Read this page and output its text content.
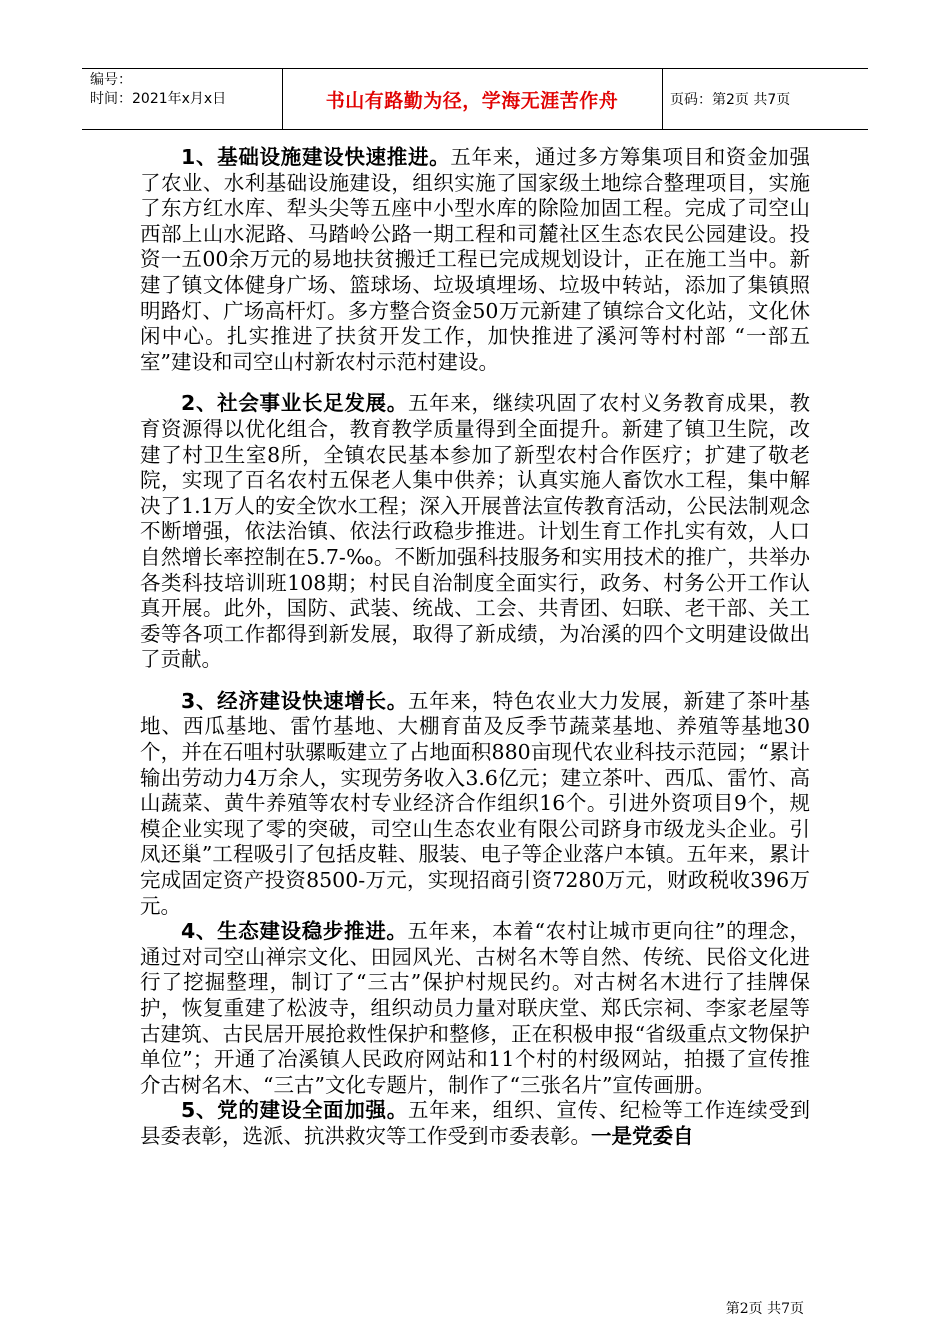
编号：
时间：2021年x月x日	书山有路勤为径，学海无涯苦作舟	页码：第2页 共7页

1、基础设施建设快速推进。五年来，通过多方筹集项目和资金加强了农业、水利基础设施建设，组织实施了国家级土地综合整理项目，实施了东方红水库、犁头尖等五座中小型水库的除险加固工程。完成了司空山西部上山水泥路、马踏岭公路一期工程和司麓社区生态农民公园建设。投资一五00余万元的易地扶贫搬迁工程已完成规划设计，正在施工当中。新建了镇文体健身广场、篮球场、垃圾填埋场、垃圾中转站，添加了集镇照明路灯、广场高杆灯。多方整合资金50万元新建了镇综合文化站，文化休闲中心。扎实推进了扶贫开发工作，加快推进了溪河等村村部 “一部五室”建设和司空山村新农村示范村建设。

2、社会事业长足发展。五年来，继续巩固了农村义务教育成果，教育资源得以优化组合，教育教学质量得到全面提升。新建了镇卫生院，改建了村卫生室8所，全镇农民基本参加了新型农村合作医疗；扩建了敬老院，实现了百名农村五保老人集中供养；认真实施人畜饮水工程，集中解决了1.1万人的安全饮水工程；深入开展普法宣传教育活动，公民法制观念不断增强，依法治镇、依法行政稳步推进。计划生育工作扎实有效，人口自然增长率控制在5.7-‰。不断加强科技服务和实用技术的推广，共举办各类科技培训班108期；村民自治制度全面实行，政务、村务公开工作认真开展。此外，国防、武装、统战、工会、共青团、妇联、老干部、关工委等各项工作都得到新发展，取得了新成绩，为冶溪的四个文明建设做出了贡献。

3、经济建设快速增长。五年来，特色农业大力发展，新建了茶叶基地、西瓜基地、雷竹基地、大棚育苗及反季节蔬菜基地、养殖等基地30个，并在石咀村驮骡畈建立了占地面积880亩现代农业科技示范园；“累计输出劳动力4万余人，实现劳务收入3.6亿元；建立茶叶、西瓜、雷竹、高山蔬菜、黄牛养殖等农村专业经济合作组织16个。引进外资项目9个，规模企业实现了零的突破，司空山生态农业有限公司跻身市级龙头企业。引凤还巢”工程吸引了包括皮鞋、服装、电子等企业落户本镇。五年来，累计完成固定资产投资8500-万元，实现招商引资7280万元，财政税收396万元。

4、生态建设稳步推进。五年来，本着“农村让城市更向往”的理念，通过对司空山禅宗文化、田园风光、古树名木等自然、传统、民俗文化进行了挖掘整理，制订了“三古”保护村规民约。对古树名木进行了挂牌保护，恢复重建了松波寺，组织动员力量对联庆堂、郑氏宗祠、李家老屋等古建筑、古民居开展抢救性保护和整修，正在积极申报“省级重点文物保护单位”；开通了冶溪镇人民政府网站和11个村的村级网站，拍摄了宣传推介古树名木、“三古”文化专题片，制作了“三张名片”宣传画册。

5、党的建设全面加强。五年来，组织、宣传、纪检等工作连续受到县委表彰，选派、抗洪救灾等工作受到市委表彰。一是党委自

第2页 共7页
